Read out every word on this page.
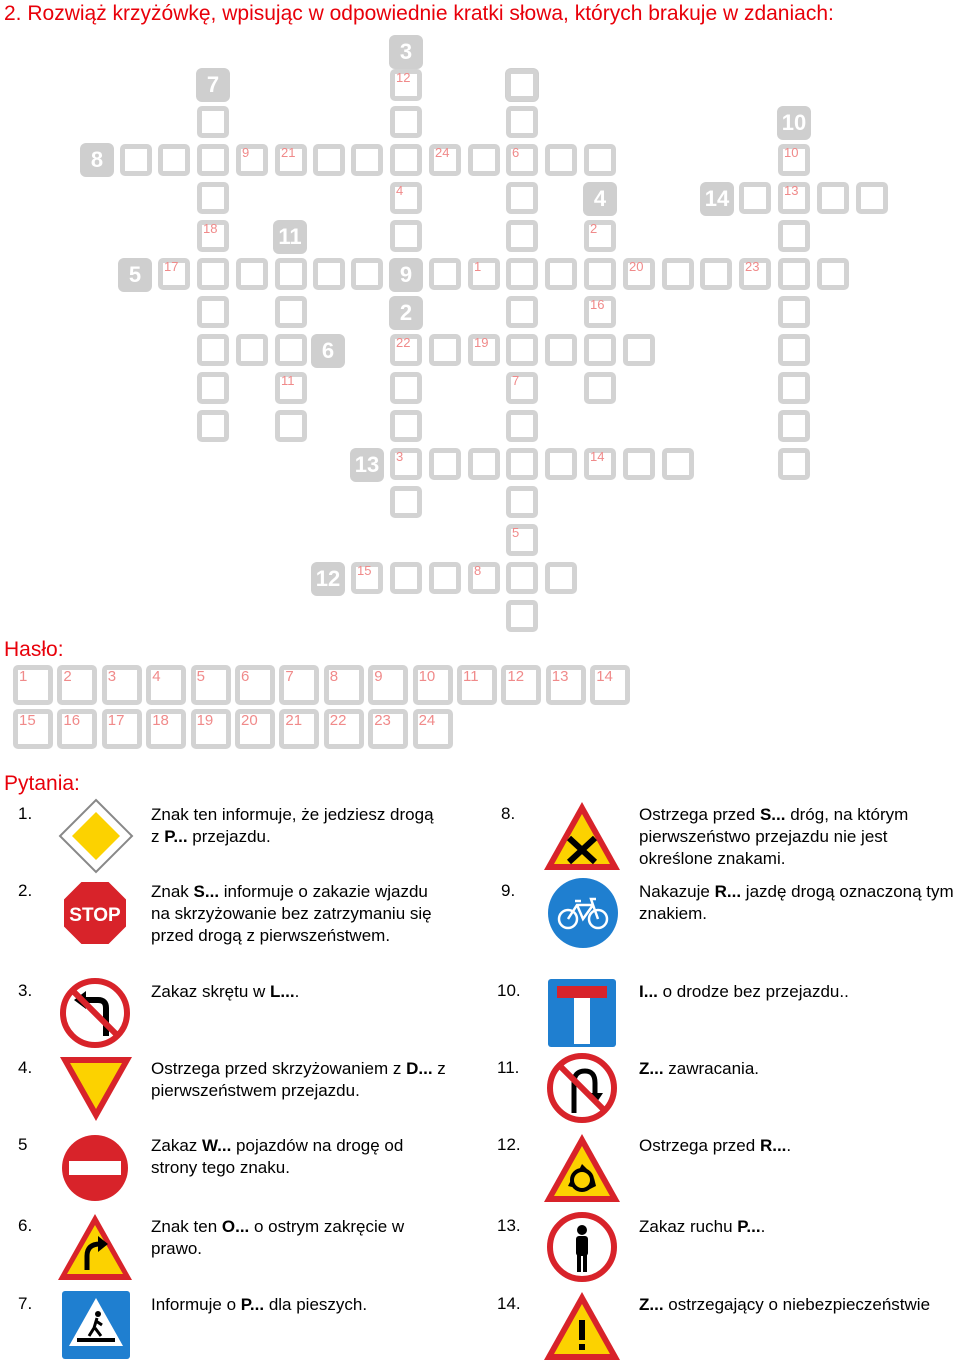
2. Rozwiąż krzyżówkę, wpisując w odpowiednie kratki słowa, których brakuje w zdaniach:
3
7
10
8
4	14
11
5	9
2
6
13
12
12
9 21	24	6	10
4	13
18	2
17	1	20	23
16
22	19
11	7
3	14
5
15	8
Hasło:
1 2 3 4 5 6 7 8 9 10 11 12 13 14
15 16 17 18 19 20 21 22 23 24
Pytania:
1.	Znak ten informuje, że jedziesz drogą z P... przejazdu.
2.
STOP
Znak S... informuje o zakazie wjazdu na skrzyżowanie bez zatrzymaniu się przed drogą z pierwszeństwem.
3.	Zakaz skrętu w L....
4.	Ostrzega przed skrzyżowaniem z D... z pierwszeństwem przejazdu.
5	Zakaz W... pojazdów na drogę od strony tego znaku.
6.	Znak ten O... o ostrym zakręcie w prawo.
7.	Informuje o P... dla pieszych.
8.	Ostrzega przed S... dróg, na którym pierwszeństwo przejazdu nie jest określone znakami.
9.	Nakazuje R... jazdę drogą oznaczoną tym znakiem.
10.	I... o drodze bez przejazdu..
11.	Z... zawracania.
12.	Ostrzega przed R....
13.	Zakaz ruchu P....
14.	Z... ostrzegający o niebezpieczeństwie
